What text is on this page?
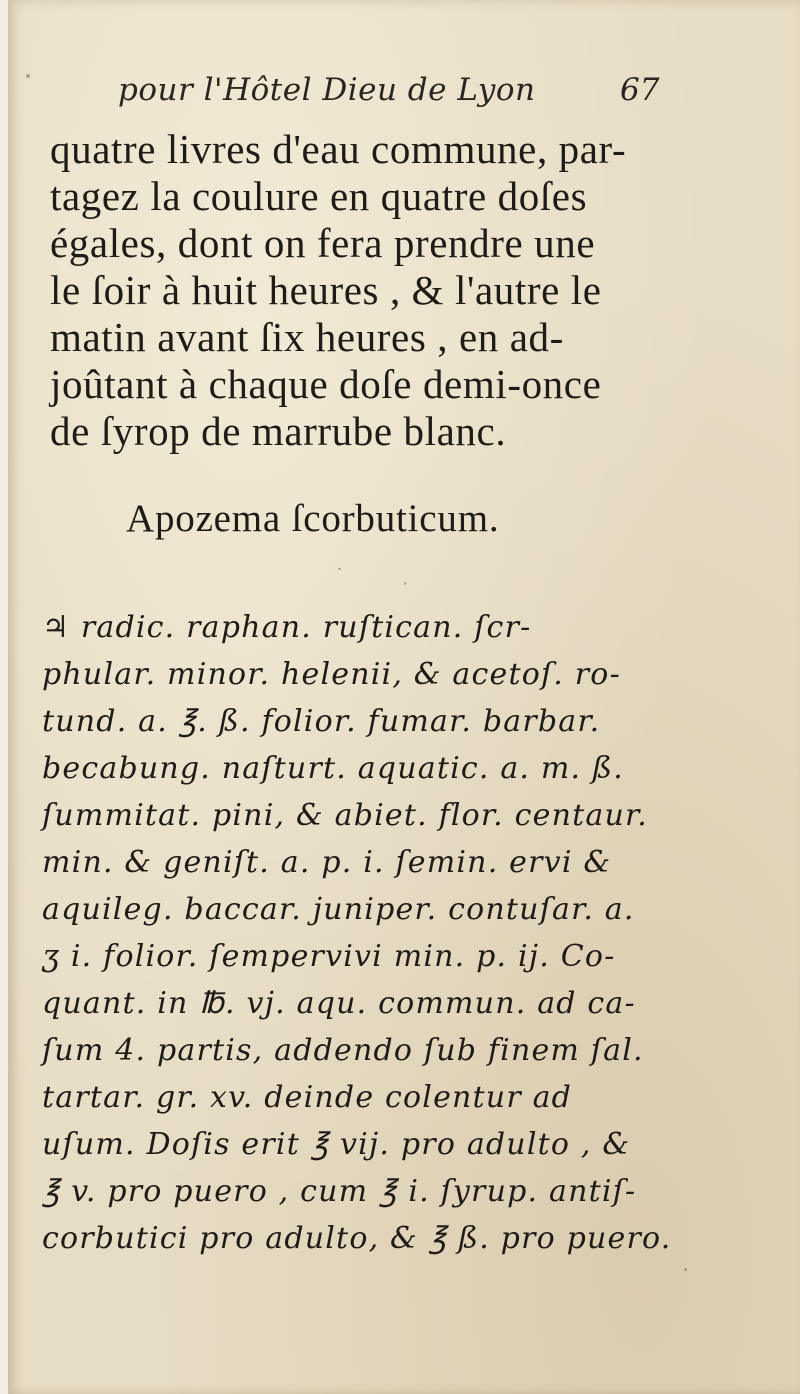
pour l'Hôtel Dieu de Lyon	67
quatre livres d'eau commune, par-
tagez la coulure en quatre doſes
égales, dont on fera prendre une
le ſoir à huit heures , & l'autre le
matin avant ſix heures , en ad-
joûtant à chaque doſe demi-once
de ſyrop de marrube blanc.
Apozema ſcorbuticum.
♃ radic. raphan. ruſtican. ſcr-
phular. minor. helenii, & acetoſ. ro-
tund. a. ℥. ß. folior. fumar. barbar.
becabung. naſturt. aquatic. a. m. ß.
ſummitat. pini, & abiet. flor. centaur.
min. & geniſt. a. p. i. ſemin. ervi &
aquileg. baccar. juniper. contuſar. a.
ʒ i. folior. ſempervivi min. p. ij. Co-
quant. in ℔. vj. aqu. commun. ad ca-
ſum 4. partis, addendo ſub finem ſal.
tartar. gr. xv. deinde colentur ad
uſum. Doſis erit ℥ vij. pro adulto , &
℥ v. pro puero , cum ℥ i. ſyrup. antiſ-
corbutici pro adulto, & ℥ ß. pro puero.
